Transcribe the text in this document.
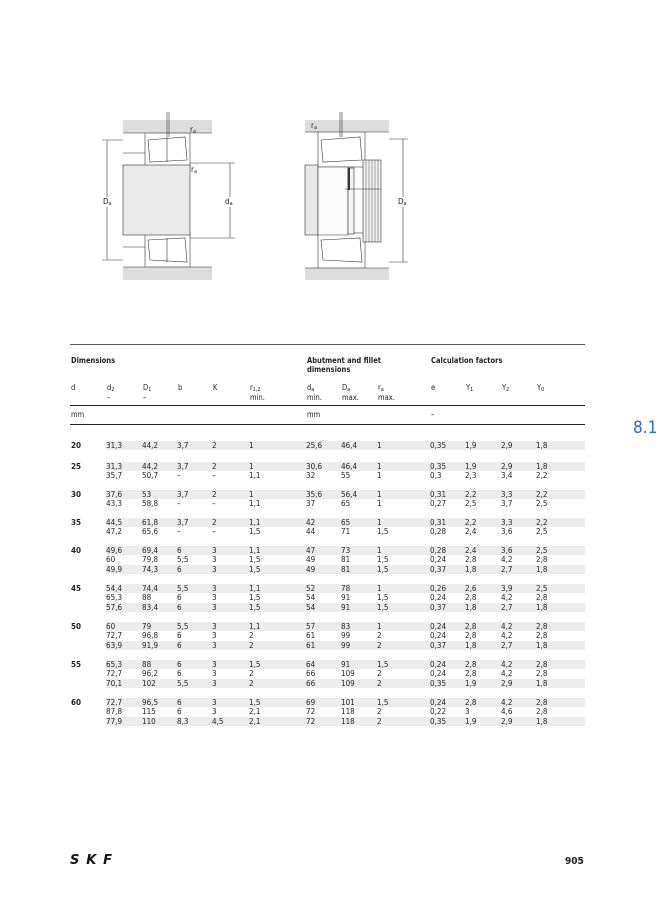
$r_a$
$r_a$
$D_a$	$d_a$
$r_a$
$D_a$
Dimensions	Abutment and fillet
dimensions
Calculation factors
d	$d_2$
–
$D_1$
–
b	K	$r_{1,2}$
min.
$d_a$
min.
$D_a$
max.
$r_a$
max.
e	$Y_1$	$Y_2$	$Y_0$
mm	mm	–
31,3 44,2 3,7	2	1	25,6 46,4 1	0,35 1,9	2,9	1,8
20
31,3 44,2 3,7	2	1	30,6 46,4 1	0,35 1,9	2,9	1,8
35,7 50,7 –	–	1,1	32	55	1	0,3	2,3	3,4	2,2
25
37,6 53	3,7	2	1	35,6 56,4 1	0,31 2,2	3,3	2,2
43,3 58,8 –	–	1,1	37	65	1	0,27 2,5	3,7	2,5
30
44,5 61,8 3,7	2	1,1	42	65	1	0,31 2,2	3,3	2,2
47,2 65,6 –	–	1,5	44	71	1,5	0,28 2,4	3,6	2,5
35
49,6 69,4 6	3	1,1	47	73	1	0,28 2,4	3,6	2,5
60	79,8 5,5	3	1,5	49	81	1,5	0,24 2,8	4,2	2,8
49,9 74,3 6	3	1,5	49	81	1,5	0,37 1,8	2,7	1,8
40
54,4 74,4 5,5	3	1,1	52	78	1	0,26 2,6	3,9	2,5
65,3 88	6	3	1,5	54	91	1,5	0,24 2,8	4,2	2,8
57,6 83,4 6	3	1,5	54	91	1,5	0,37 1,8	2,7	1,8
45
60	79	5,5	3	1,1	57	83	1	0,24 2,8	4,2	2,8
72,7 96,8 6	3	2	61	99	2	0,24 2,8	4,2	2,8
63,9 91,9 6	3	2	61	99	2	0,37 1,8	2,7	1,8
50
65,3 88	6	3	1,5	64	91	1,5	0,24 2,8	4,2	2,8
72,7 96,2 6	3	2	66	109	2	0,24 2,8	4,2	2,8
70,1 102	5,5	3	2	66	109	2	0,35 1,9	2,9	1,8
55
72,7 96,5 6	3	1,5	69	101	1,5	0,24 2,8	4,2	2,8
87,8 115	6	3	2,1	72	118	2	0,22 3	4,6	2,8
77,9 110	8,3	4,5	2,1	72	118	2	0,35 1,9	2,9	1,8
60
8.1
SKF	905
